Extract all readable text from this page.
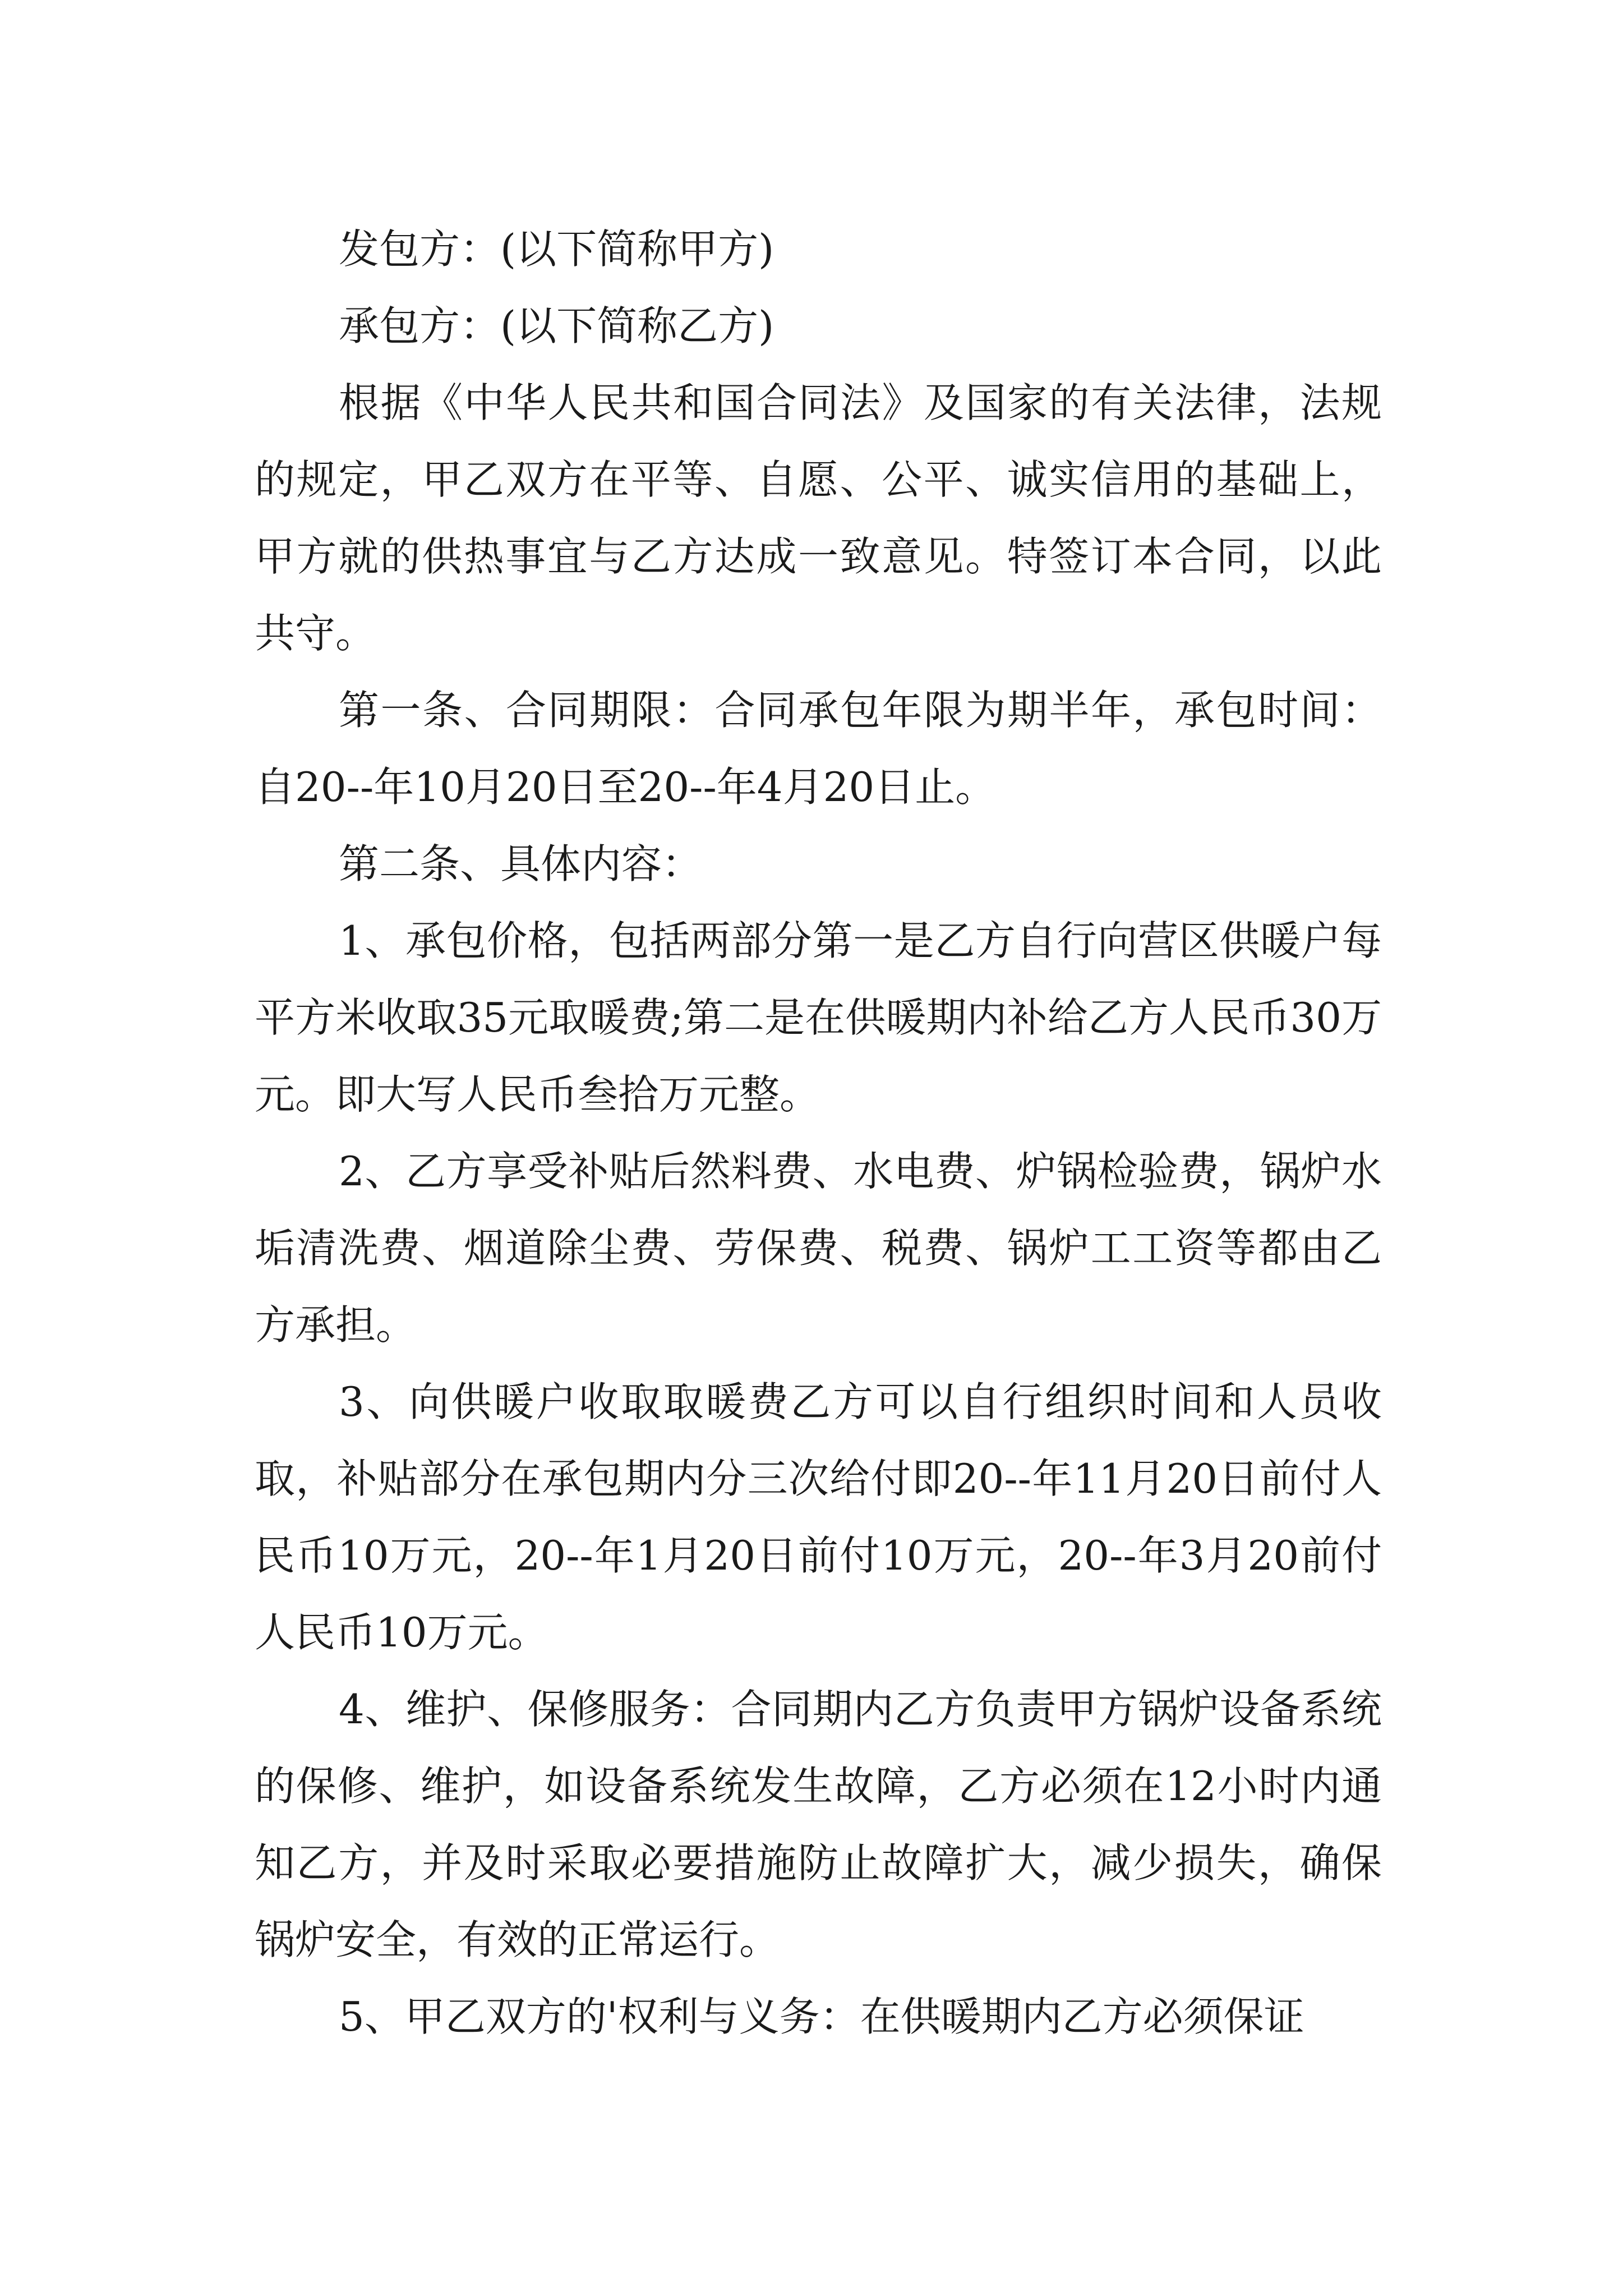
发包方：(以下简称甲方)

承包方：(以下简称乙方)

根据《中华人民共和国合同法》及国家的有关法律，法规的规定，甲乙双方在平等、自愿、公平、诚实信用的基础上，甲方就的供热事宜与乙方达成一致意见。特签订本合同，以此共守。

第一条、合同期限：合同承包年限为期半年，承包时间：自20--年10月20日至20--年4月20日止。

第二条、具体内容：

1、承包价格，包括两部分第一是乙方自行向营区供暖户每平方米收取35元取暖费;第二是在供暖期内补给乙方人民币30万元。即大写人民币叁拾万元整。

2、乙方享受补贴后然料费、水电费、炉锅检验费，锅炉水垢清洗费、烟道除尘费、劳保费、税费、锅炉工工资等都由乙方承担。

3、向供暖户收取取暖费乙方可以自行组织时间和人员收取，补贴部分在承包期内分三次给付即20--年11月20日前付人民币10万元，20--年1月20日前付10万元，20--年3月20前付人民币10万元。

4、维护、保修服务：合同期内乙方负责甲方锅炉设备系统的保修、维护，如设备系统发生故障，乙方必须在12小时内通知乙方，并及时采取必要措施防止故障扩大，减少损失，确保锅炉安全，有效的正常运行。

5、甲乙双方的'权利与义务：在供暖期内乙方必须保证
